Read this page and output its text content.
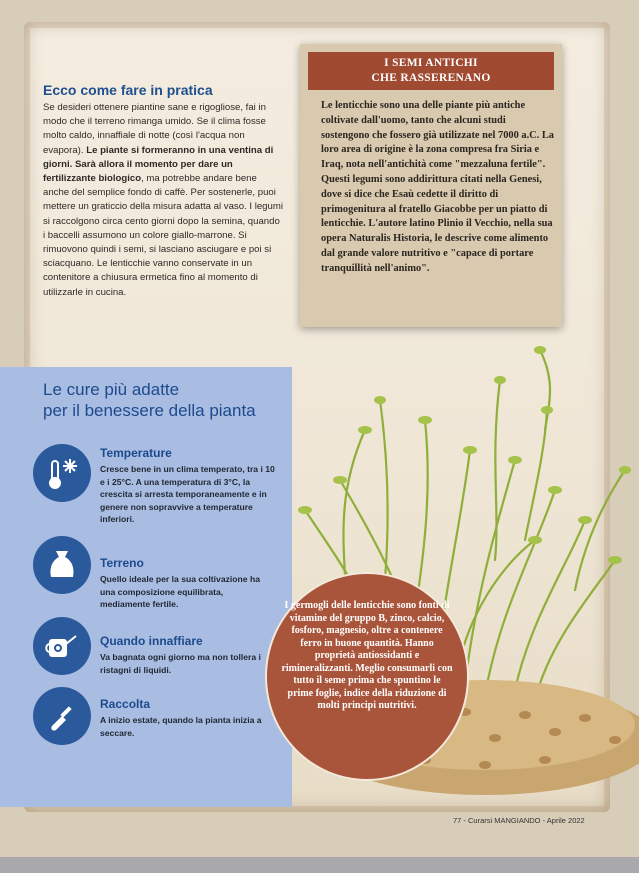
Ecco come fare in pratica

Se desideri ottenere piantine sane e rigogliose, fai in modo che il terreno rimanga umido. Se il clima fosse molto caldo, innaffiale di notte (così l'acqua non evapora). Le piante si formeranno in una ventina di giorni. Sarà allora il momento per dare un fertilizzante biologico, ma potrebbe andare bene anche del semplice fondo di caffè. Per sostenerle, puoi mettere un graticcio della misura adatta al vaso. I legumi si raccolgono circa cento giorni dopo la semina, quando i baccelli assumono un colore giallo-marrone. Si rimuovono quindi i semi, si lasciano asciugare e poi si sciacquano. Le lenticchie vanno conservate in un contenitore a chiusura ermetica fino al momento di utilizzarle in cucina.

I SEMI ANTICHI
CHE RASSERENANO

Le lenticchie sono una delle piante più antiche coltivate dall'uomo, tanto che alcuni studi sostengono che fossero già utilizzate nel 7000 a.C. La loro area di origine è la zona compresa fra Siria e Iraq, nota nell'antichità come "mezzaluna fertile". Questi legumi sono addirittura citati nella Genesi, dove si dice che Esaù cedette il diritto di primogenitura al fratello Giacobbe per un piatto di lenticchie. L'autore latino Plinio il Vecchio, nella sua opera Naturalis Historia, le descrive come alimento dal grande valore nutritivo e "capace di portare tranquillità nell'animo".

Le cure più adatte
per il benessere della pianta

Temperature

Cresce bene in un clima temperato, tra i 10 e i 25°C. A una temperatura di 3°C, la crescita si arresta temporaneamente e in genere non sopravvive a temperature inferiori.

Terreno

Quello ideale per la sua coltivazione ha una composizione equilibrata, mediamente fertile.

Quando innaffiare

Va bagnata ogni giorno ma non tollera i ristagni di liquidi.

Raccolta

A inizio estate, quando la pianta inizia a seccare.

I germogli delle lenticchie sono fonti di vitamine del gruppo B, zinco, calcio, fosforo, magnesio, oltre a contenere ferro in buone quantità. Hanno proprietà antiossidanti e rimineralizzanti. Meglio consumarli con tutto il seme prima che spuntino le prime foglie, indice della riduzione di molti principi nutritivi.

77 - Curarsi MANGIANDO - Aprile 2022
